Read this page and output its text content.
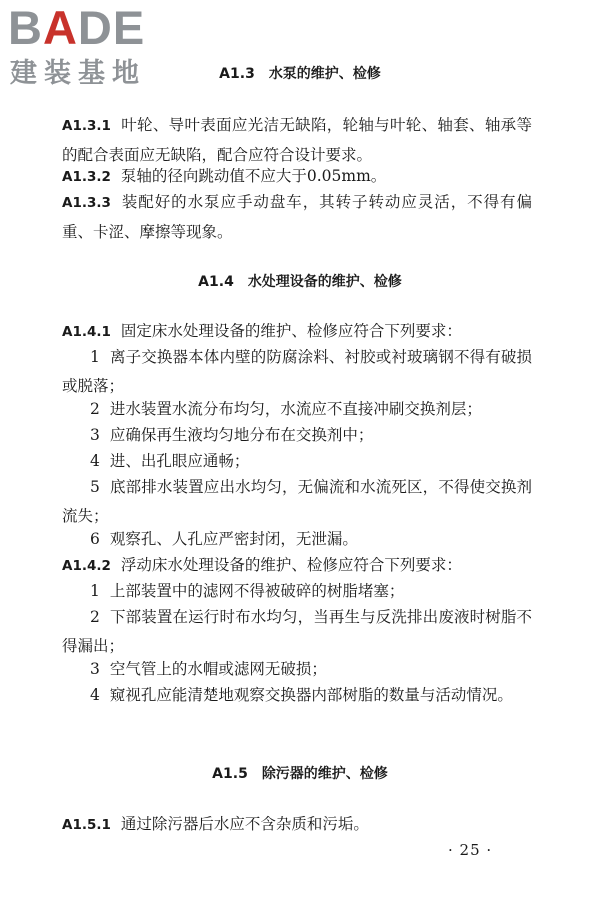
BADE
建装基地	A1.3 水泵的维护、检修
A1.3.1 叶轮、导叶表面应光洁无缺陷，轮轴与叶轮、轴套、轴承等的配合表面应无缺陷，配合应符合设计要求。
A1.3.2 泵轴的径向跳动值不应大于0.05mm。
A1.3.3 装配好的水泵应手动盘车，其转子转动应灵活，不得有偏重、卡涩、摩擦等现象。
A1.4 水处理设备的维护、检修
A1.4.1 固定床水处理设备的维护、检修应符合下列要求：
1 离子交换器本体内壁的防腐涂料、衬胶或衬玻璃钢不得有破损或脱落；
2 进水装置水流分布均匀，水流应不直接冲刷交换剂层；
3 应确保再生液均匀地分布在交换剂中；
4 进、出孔眼应通畅；
5 底部排水装置应出水均匀，无偏流和水流死区，不得使交换剂流失；
6 观察孔、人孔应严密封闭，无泄漏。
A1.4.2 浮动床水处理设备的维护、检修应符合下列要求：
1 上部装置中的滤网不得被破碎的树脂堵塞；
2 下部装置在运行时布水均匀，当再生与反洗排出废液时树脂不得漏出；
3 空气管上的水帽或滤网无破损；
4 窥视孔应能清楚地观察交换器内部树脂的数量与活动情况。
A1.5 除污器的维护、检修
A1.5.1 通过除污器后水应不含杂质和污垢。
· 25 ·
